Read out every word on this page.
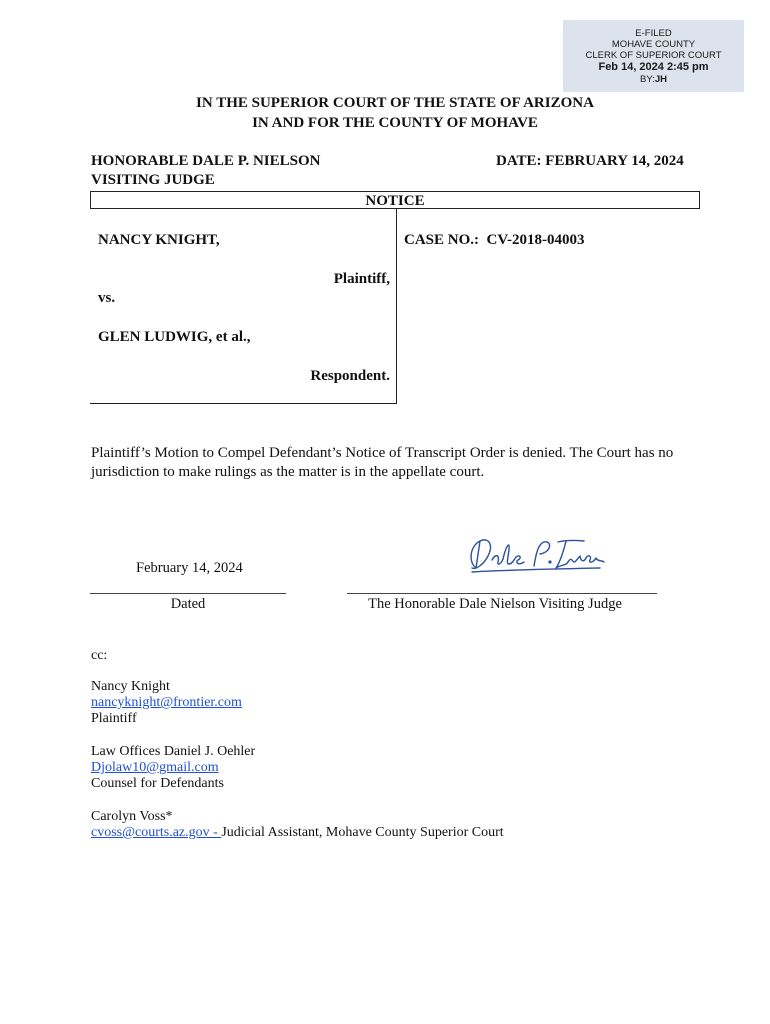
E-FILED
MOHAVE COUNTY
CLERK OF SUPERIOR COURT
Feb 14, 2024 2:45 pm
BY:JH
IN THE SUPERIOR COURT OF THE STATE OF ARIZONA
IN AND FOR THE COUNTY OF MOHAVE
HONORABLE DALE P. NIELSON
VISITING JUDGE
DATE: FEBRUARY 14, 2024
NOTICE
NANCY KNIGHT,
Plaintiff,
vs.
GLEN LUDWIG, et al.,
Respondent.
CASE NO.:  CV-2018-04003
Plaintiff’s Motion to Compel Defendant’s Notice of Transcript Order is denied. The Court has no jurisdiction to make rulings as the matter is in the appellate court.
February 14, 2024
Dated	The Honorable Dale Nielson Visiting Judge
cc:
Nancy Knight
nancyknight@frontier.com
Plaintiff
Law Offices Daniel J. Oehler
Djolaw10@gmail.com
Counsel for Defendants
Carolyn Voss*
cvoss@courts.az.gov - Judicial Assistant, Mohave County Superior Court
